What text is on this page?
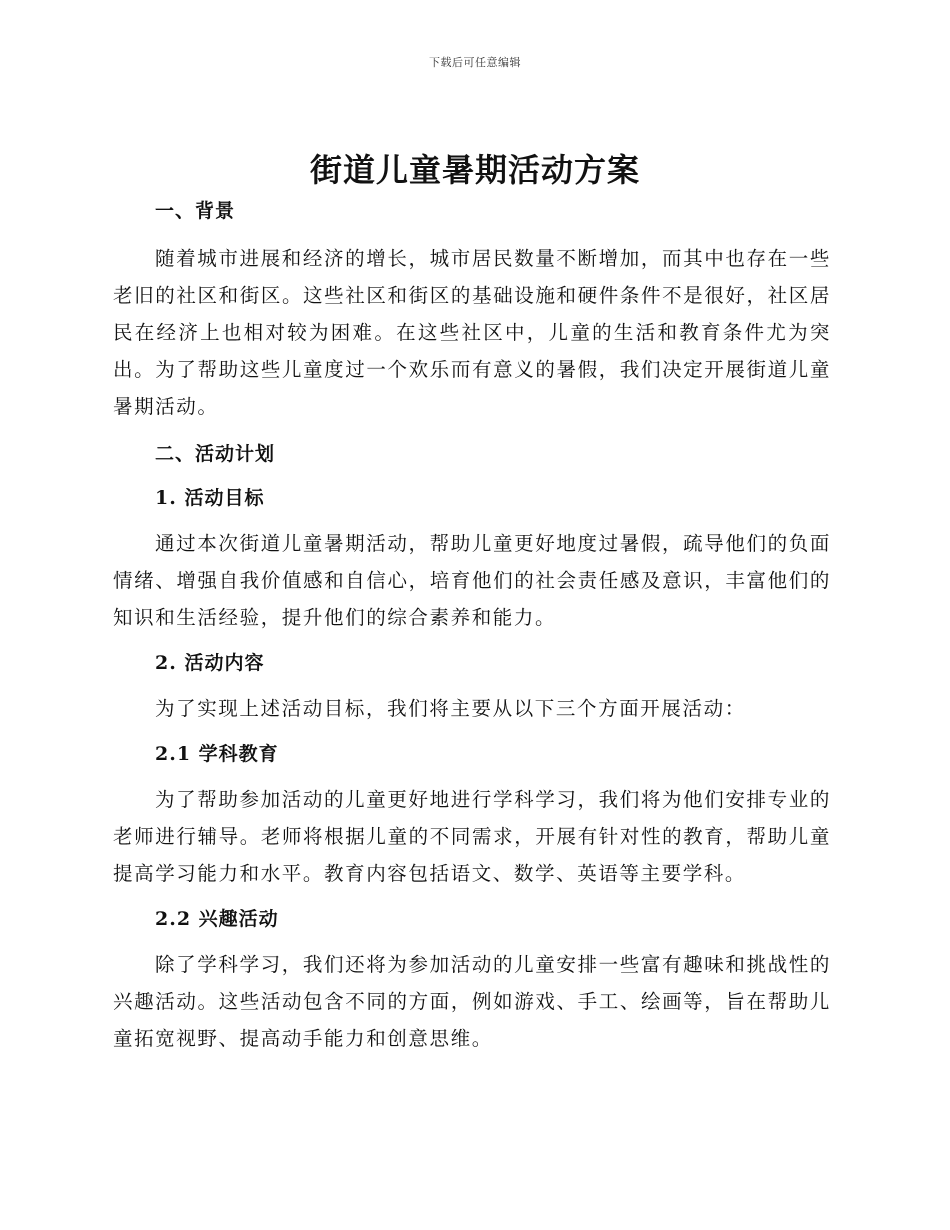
下载后可任意编辑
街道儿童暑期活动方案
一、背景

随着城市进展和经济的增长，城市居民数量不断增加，而其中也存在一些老旧的社区和街区。这些社区和街区的基础设施和硬件条件不是很好，社区居民在经济上也相对较为困难。在这些社区中，儿童的生活和教育条件尤为突出。为了帮助这些儿童度过一个欢乐而有意义的暑假，我们决定开展街道儿童暑期活动。

二、活动计划
1. 活动目标

通过本次街道儿童暑期活动，帮助儿童更好地度过暑假，疏导他们的负面情绪、增强自我价值感和自信心，培育他们的社会责任感及意识，丰富他们的知识和生活经验，提升他们的综合素养和能力。

2. 活动内容

为了实现上述活动目标，我们将主要从以下三个方面开展活动：

2.1 学科教育

为了帮助参加活动的儿童更好地进行学科学习，我们将为他们安排专业的老师进行辅导。老师将根据儿童的不同需求，开展有针对性的教育，帮助儿童提高学习能力和水平。教育内容包括语文、数学、英语等主要学科。

2.2 兴趣活动

除了学科学习，我们还将为参加活动的儿童安排一些富有趣味和挑战性的兴趣活动。这些活动包含不同的方面，例如游戏、手工、绘画等，旨在帮助儿童拓宽视野、提高动手能力和创意思维。
